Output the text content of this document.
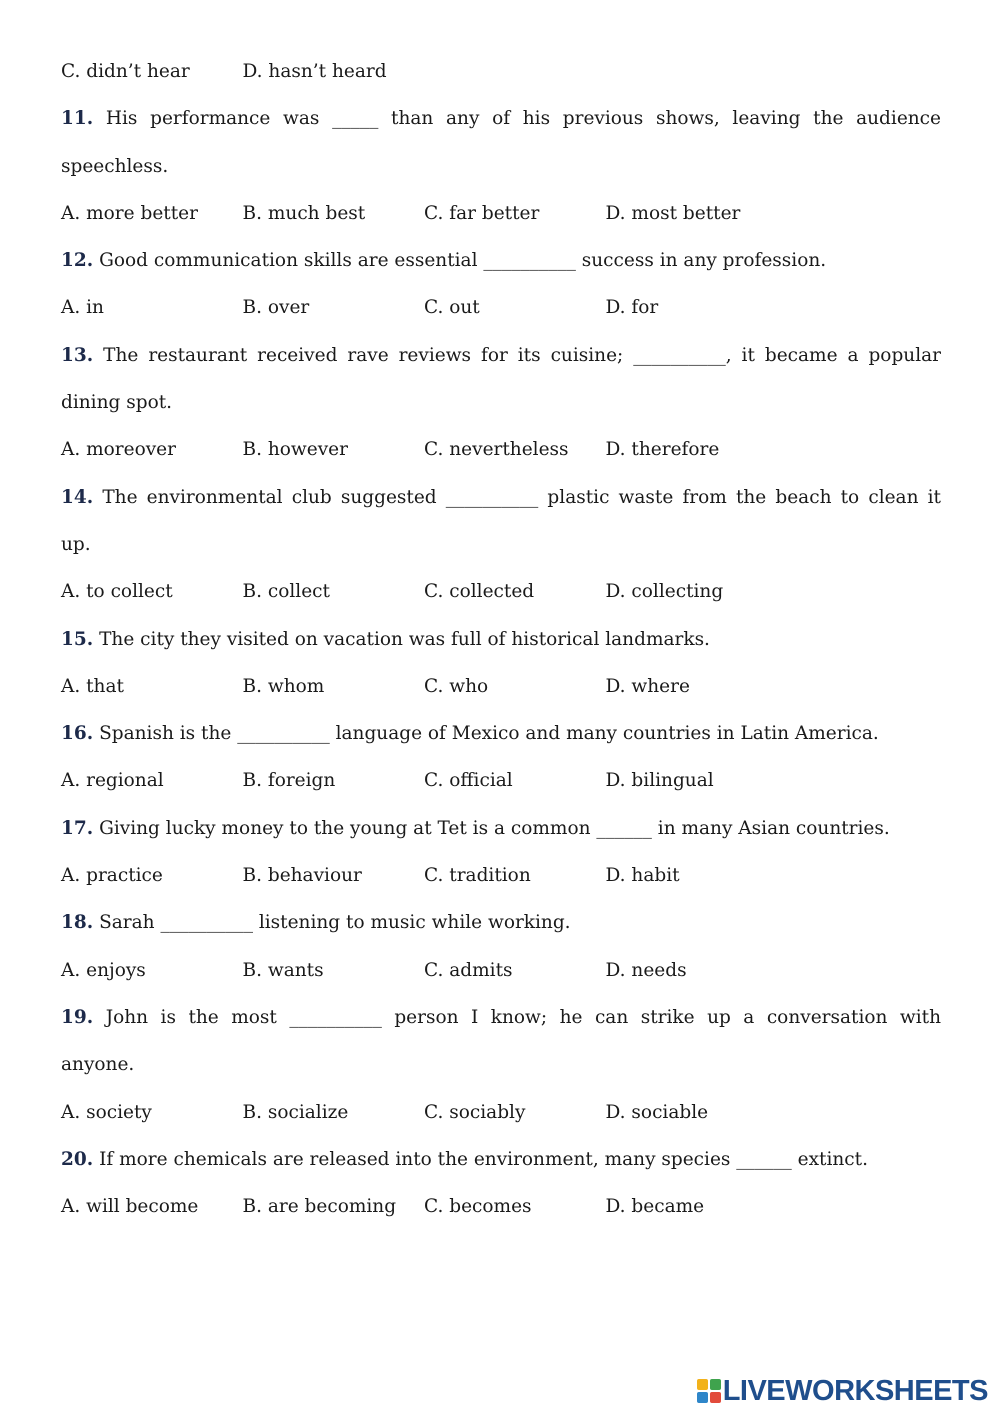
C. didn’t hear	D. hasn’t heard
11. His performance was _____ than any of his previous shows, leaving the audience
speechless.
A. more better	B. much best	C. far better	D. most better
12. Good communication skills are essential __________ success in any profession.
A. in	B. over	C. out	D. for
13. The restaurant received rave reviews for its cuisine; __________, it became a popular
dining spot.
A. moreover	B. however	C. nevertheless	D. therefore
14. The environmental club suggested __________ plastic waste from the beach to clean it
up.
A. to collect	B. collect	C. collected	D. collecting
15. The city they visited on vacation was full of historical landmarks.
A. that	B. whom	C. who	D. where
16. Spanish is the __________ language of Mexico and many countries in Latin America.
A. regional	B. foreign	C. official	D. bilingual
17. Giving lucky money to the young at Tet is a common ______ in many Asian countries.
A. practice	B. behaviour	C. tradition	D. habit
18. Sarah __________ listening to music while working.
A. enjoys	B. wants	C. admits	D. needs
19. John is the most __________ person I know; he can strike up a conversation with
anyone.
A. society	B. socialize	C. sociably	D. sociable
20. If more chemicals are released into the environment, many species ______ extinct.
A. will become	B. are becoming	C. becomes	D. became
LIVEWORKSHEETS
